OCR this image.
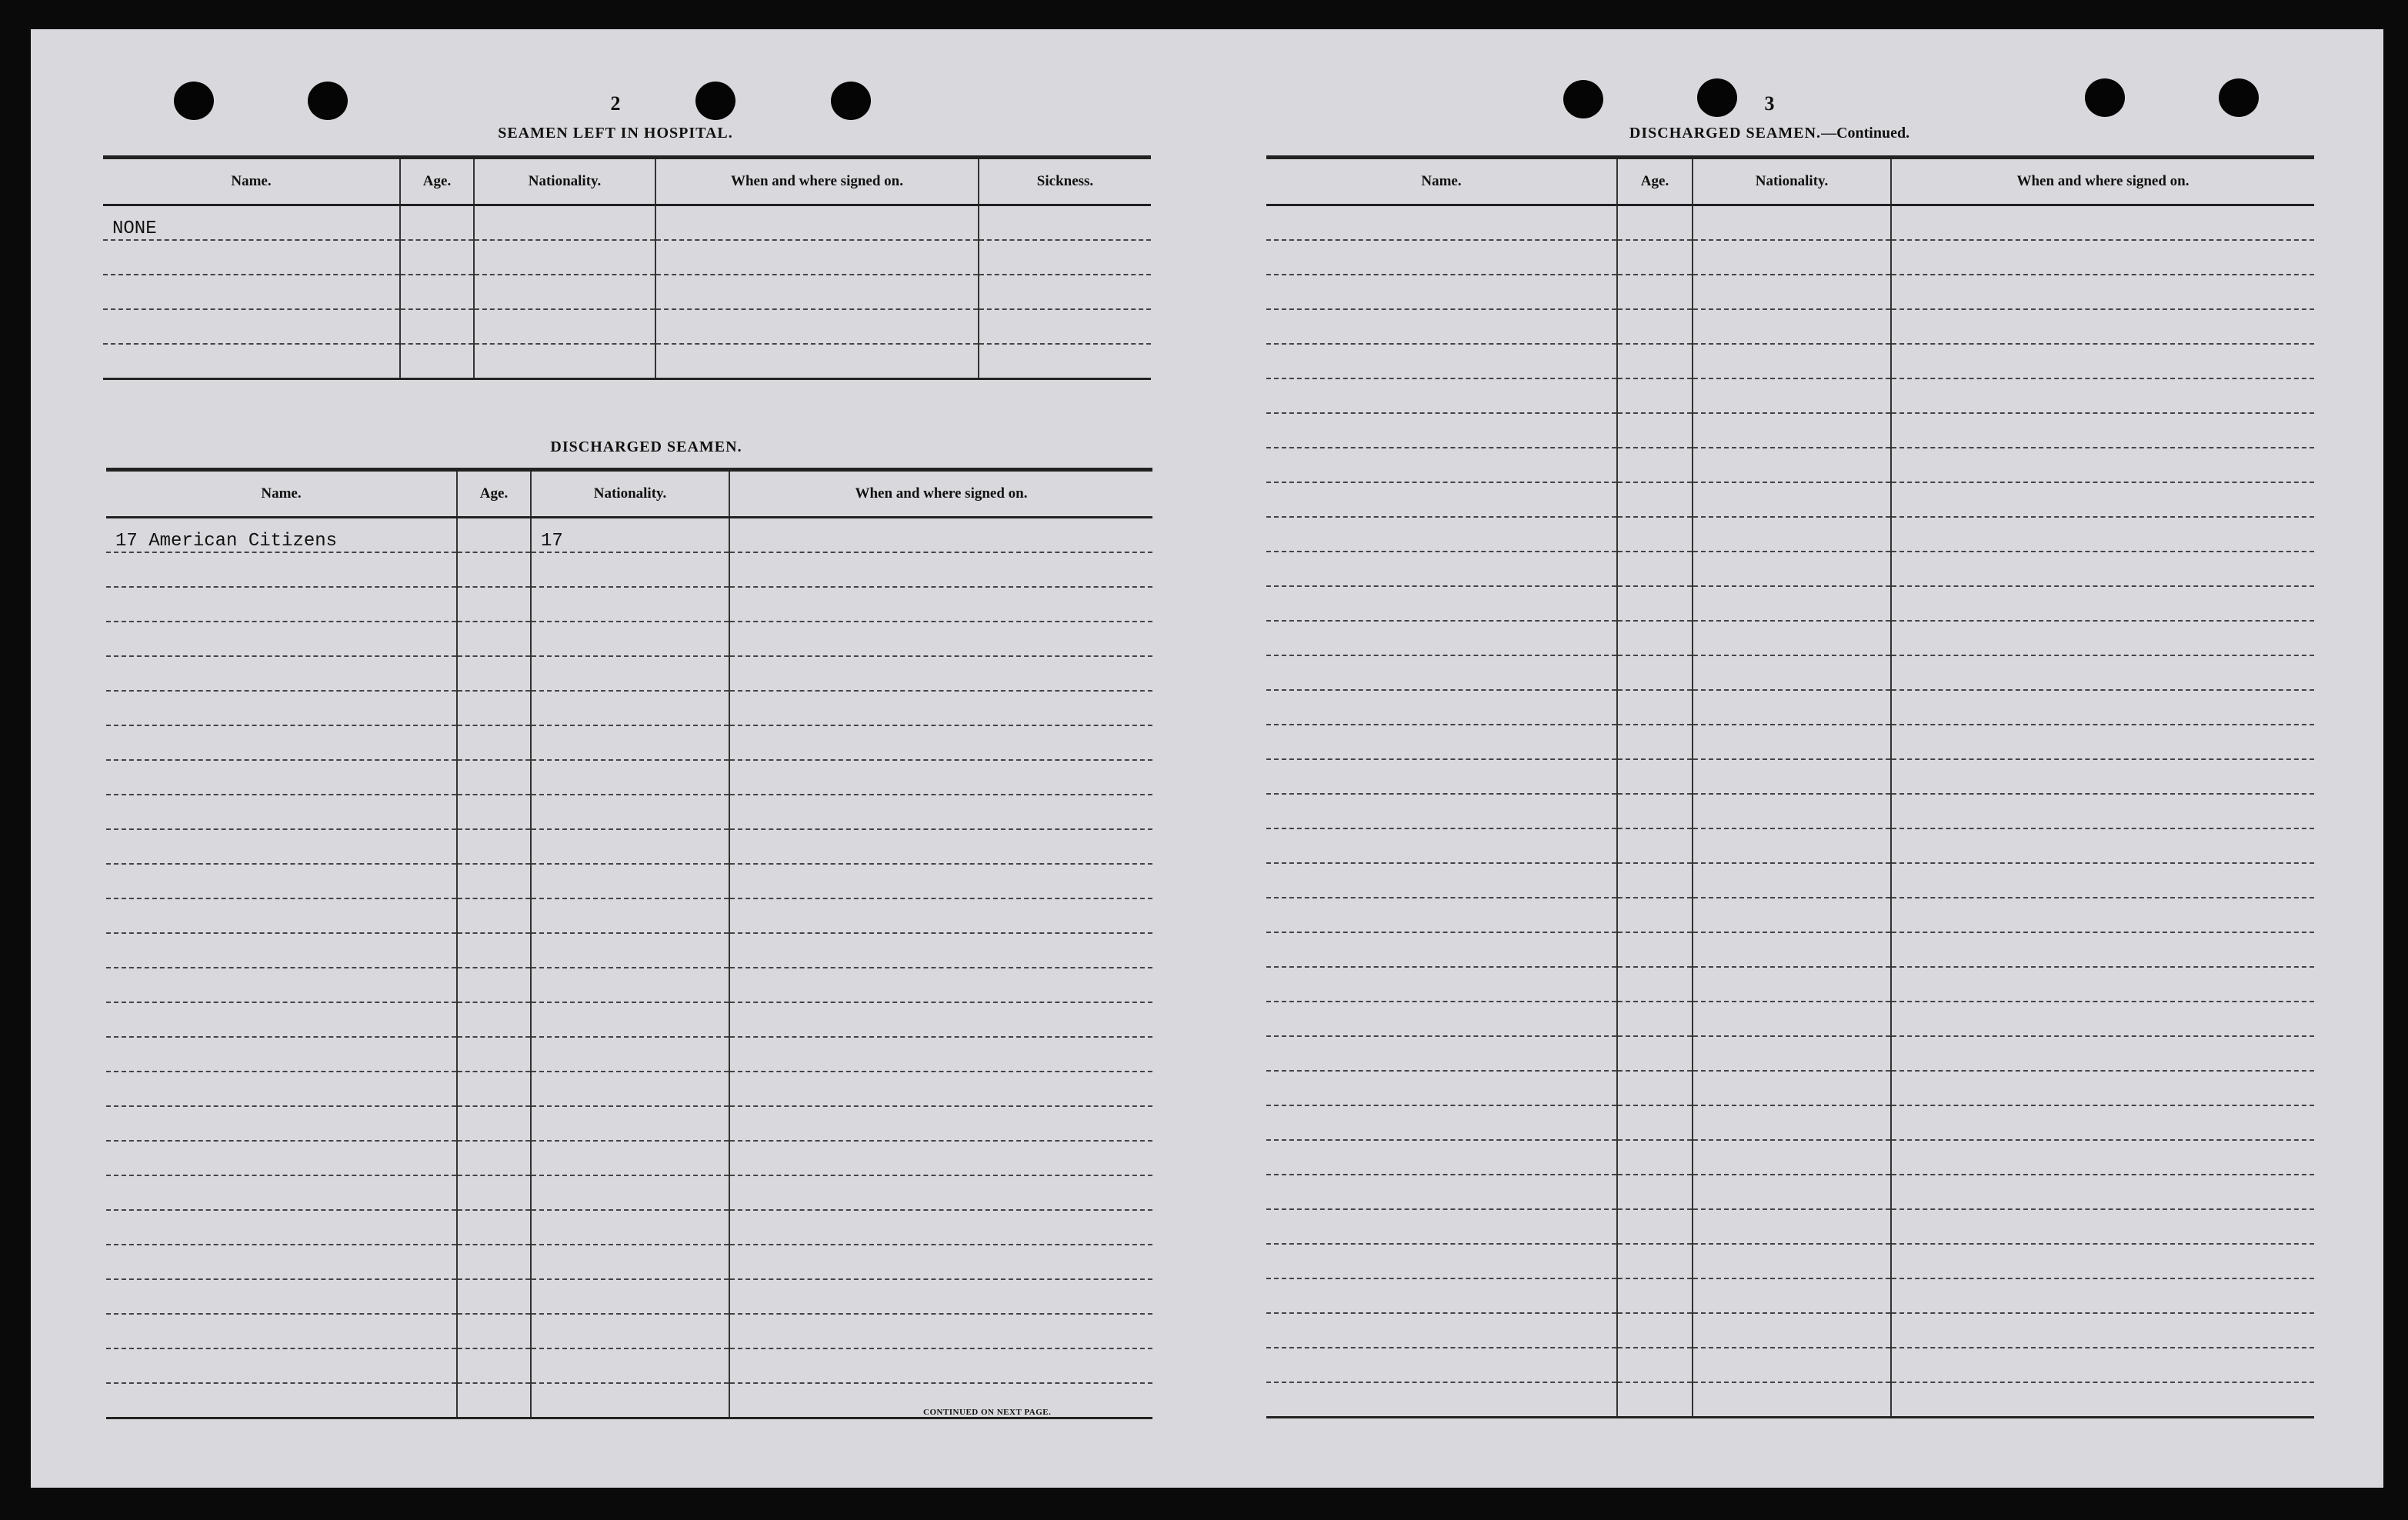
2
SEAMEN LEFT IN HOSPITAL.
Name.	Age.	Nationality.	When and where signed on.	Sickness.
NONE				

DISCHARGED SEAMEN.
Name.	Age.	Nationality.	When and where signed on.
17 American Citizens		17	

CONTINUED ON NEXT PAGE.
3
DISCHARGED SEAMEN.—Continued.
Name.	Age.	Nationality.	When and where signed on.
